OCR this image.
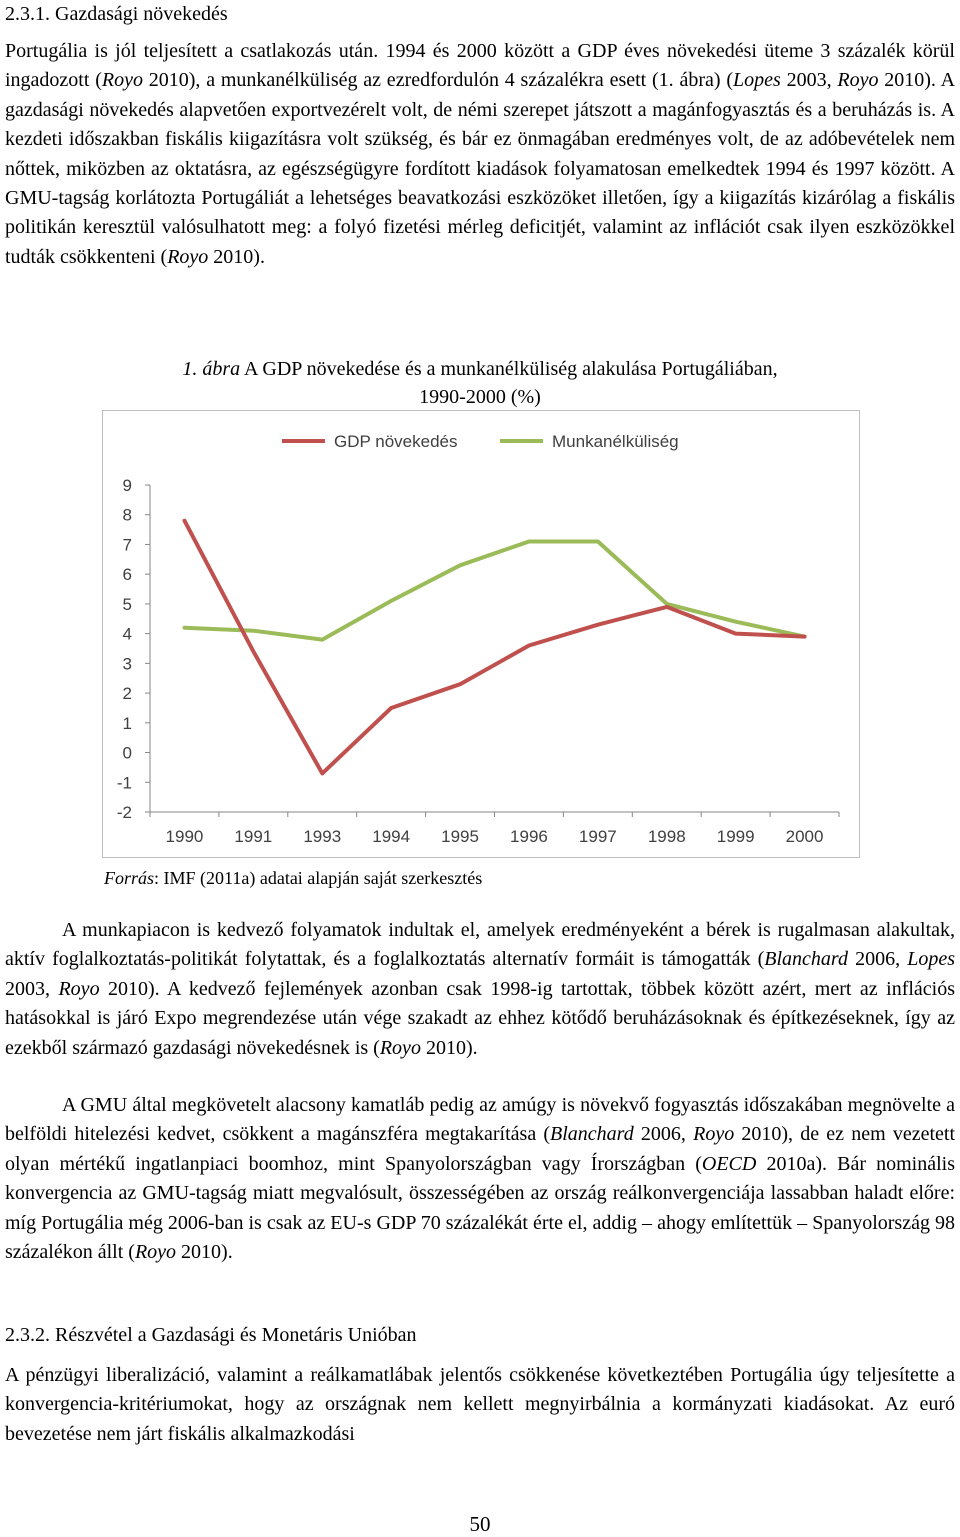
2.3.1. Gazdasági növekedés

Portugália is jól teljesített a csatlakozás után. 1994 és 2000 között a GDP éves növekedési üteme 3 százalék körül ingadozott (Royo 2010), a munkanélküliség az ezredfordulón 4 százalékra esett (1. ábra) (Lopes 2003, Royo 2010). A gazdasági növekedés alapvetően exportvezérelt volt, de némi szerepet játszott a magánfogyasztás és a beruházás is. A kezdeti időszakban fiskális kiigazításra volt szükség, és bár ez önmagában eredményes volt, de az adóbevételek nem nőttek, miközben az oktatásra, az egészségügyre fordított kiadások folyamatosan emelkedtek 1994 és 1997 között. A GMU-tagság korlátozta Portugáliát a lehetséges beavatkozási eszközöket illetően, így a kiigazítás kizárólag a fiskális politikán keresztül valósulhatott meg: a folyó fizetési mérleg deficitjét, valamint az inflációt csak ilyen eszközökkel tudták csökkenteni (Royo 2010).

1. ábra A GDP növekedése és a munkanélküliség alakulása Portugáliában,

1990-2000 (%)

GDP növekedés	Munkanélküliség
9
8
7
6
5
4
3
2
1
0
-1
-2
1990 1991 1993 1994 1995 1996 1997 1998 1999 2000

Forrás: IMF (2011a) adatai alapján saját szerkesztés

A munkapiacon is kedvező folyamatok indultak el, amelyek eredményeként a bérek is rugalmasan alakultak, aktív foglalkoztatás-politikát folytattak, és a foglalkoztatás alternatív formáit is támogatták (Blanchard 2006, Lopes 2003, Royo 2010). A kedvező fejlemények azonban csak 1998-ig tartottak, többek között azért, mert az inflációs hatásokkal is járó Expo megrendezése után vége szakadt az ehhez kötődő beruházásoknak és építkezéseknek, így az ezekből származó gazdasági növekedésnek is (Royo 2010).

A GMU által megkövetelt alacsony kamatláb pedig az amúgy is növekvő fogyasztás időszakában megnövelte a belföldi hitelezési kedvet, csökkent a magánszféra megtakarítása (Blanchard 2006, Royo 2010), de ez nem vezetett olyan mértékű ingatlanpiaci boomhoz, mint Spanyolországban vagy Írországban (OECD 2010a). Bár nominális konvergencia az GMU-tagság miatt megvalósult, összességében az ország reálkonvergenciája lassabban haladt előre: míg Portugália még 2006-ban is csak az EU-s GDP 70 százalékát érte el, addig – ahogy említettük – Spanyolország 98 százalékon állt (Royo 2010).

2.3.2. Részvétel a Gazdasági és Monetáris Unióban

A pénzügyi liberalizáció, valamint a reálkamatlábak jelentős csökkenése következtében Portugália úgy teljesítette a konvergencia-kritériumokat, hogy az országnak nem kellett megnyirbálnia a kormányzati kiadásokat. Az euró bevezetése nem járt fiskális alkalmazkodási

50
